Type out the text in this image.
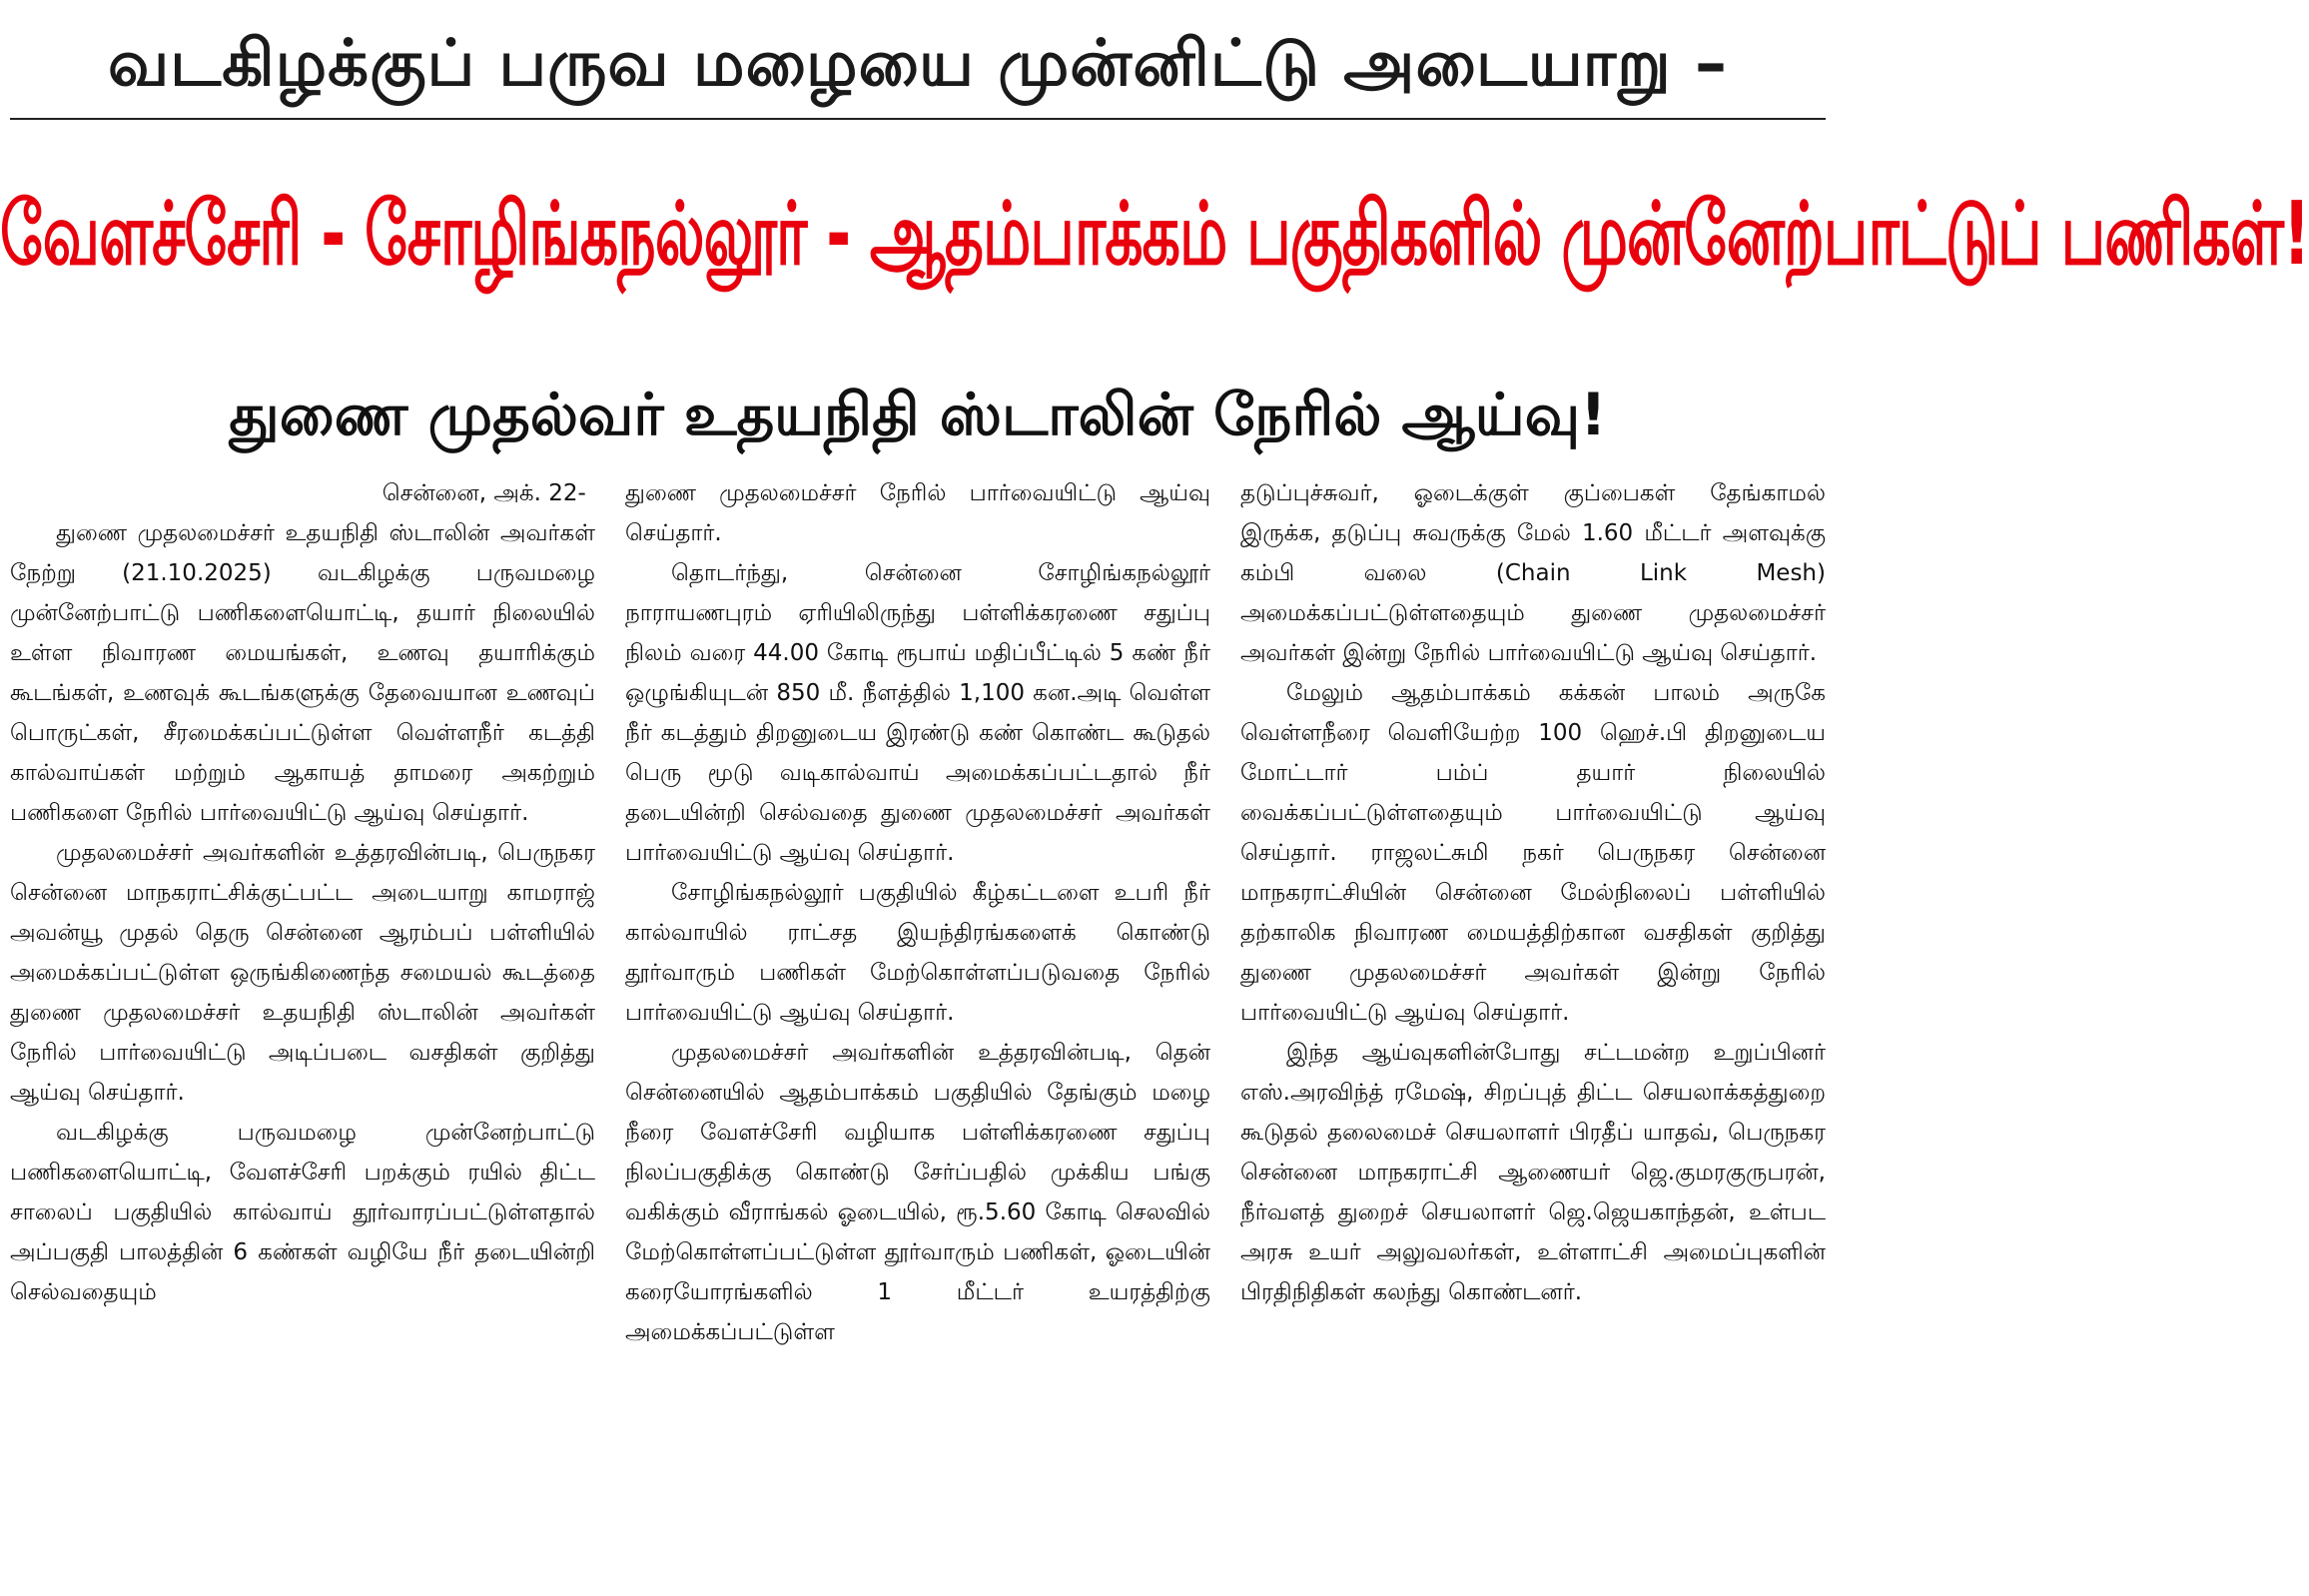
வடகிழக்குப் பருவ மழையை முன்னிட்டு அடையாறு –
வேளச்சேரி - சோழிங்கநல்லூர் - ஆதம்பாக்கம் பகுதிகளில் முன்னேற்பாட்டுப் பணிகள்!
துணை முதல்வர் உதயநிதி ஸ்டாலின் நேரில் ஆய்வு!

சென்னை, அக். 22-

துணை முதலமைச்சர் உதயநிதி ஸ்டாலின் அவர்கள் நேற்று (21.10.2025) வடகிழக்கு பருவமழை முன்னேற்பாட்டு பணிகளையொட்டி, தயார் நிலையில் உள்ள நிவாரண மையங்கள், உணவு தயாரிக்கும் கூடங்கள், உணவுக் கூடங்களுக்கு தேவையான உணவுப் பொருட்கள், சீரமைக்கப்பட்டுள்ள வெள்ளநீர் கடத்தி கால்வாய்கள் மற்றும் ஆகாயத் தாமரை அகற்றும் பணிகளை நேரில் பார்வையிட்டு ஆய்வு செய்தார்.

முதலமைச்சர் அவர்களின் உத்தரவின்படி, பெருநகர சென்னை மாநகராட்சிக்குட்பட்ட அடையாறு காமராஜ் அவன்யூ முதல் தெரு சென்னை ஆரம்பப் பள்ளியில் அமைக்கப்பட்டுள்ள ஒருங்கிணைந்த சமையல் கூடத்தை துணை முதலமைச்சர் உதயநிதி ஸ்டாலின் அவர்கள் நேரில் பார்வையிட்டு அடிப்படை வசதிகள் குறித்து ஆய்வு செய்தார்.

வடகிழக்கு பருவமழை முன்னேற்பாட்டு பணிகளையொட்டி, வேளச்சேரி பறக்கும் ரயில் திட்ட சாலைப் பகுதியில் கால்வாய் தூர்வாரப்பட்டுள்ளதால் அப்பகுதி பாலத்தின் 6 கண்கள் வழியே நீர் தடையின்றி செல்வதையும்

துணை முதலமைச்சர் நேரில் பார்வையிட்டு ஆய்வு செய்தார்.

தொடர்ந்து, சென்னை சோழிங்கநல்லூர் நாராயணபுரம் ஏரியிலிருந்து பள்ளிக்கரணை சதுப்பு நிலம் வரை 44.00 கோடி ரூபாய் மதிப்பீட்டில் 5 கண் நீர் ஒழுங்கியுடன் 850 மீ. நீளத்தில் 1,100 கன.அடி வெள்ள நீர் கடத்தும் திறனுடைய இரண்டு கண் கொண்ட கூடுதல் பெரு மூடு வடிகால்வாய் அமைக்கப்பட்டதால் நீர் தடையின்றி செல்வதை துணை முதலமைச்சர் அவர்கள் பார்வையிட்டு ஆய்வு செய்தார்.

சோழிங்கநல்லூர் பகுதியில் கீழ்கட்டளை உபரி நீர் கால்வாயில் ராட்சத இயந்திரங்களைக் கொண்டு தூர்வாரும் பணிகள் மேற்கொள்ளப்படுவதை நேரில் பார்வையிட்டு ஆய்வு செய்தார்.

முதலமைச்சர் அவர்களின் உத்தரவின்படி, தென் சென்னையில் ஆதம்பாக்கம் பகுதியில் தேங்கும் மழை நீரை வேளச்சேரி வழியாக பள்ளிக்கரணை சதுப்பு நிலப்பகுதிக்கு கொண்டு சேர்ப்பதில் முக்கிய பங்கு வகிக்கும் வீராங்கல் ஓடையில், ரூ.5.60 கோடி செலவில் மேற்கொள்ளப்பட்டுள்ள தூர்வாரும் பணிகள், ஓடையின் கரையோரங்களில் 1 மீட்டர் உயரத்திற்கு அமைக்கப்பட்டுள்ள

தடுப்புச்சுவர், ஓடைக்குள் குப்பைகள் தேங்காமல் இருக்க, தடுப்பு சுவருக்கு மேல் 1.60 மீட்டர் அளவுக்கு கம்பி வலை (Chain Link Mesh) அமைக்கப்பட்டுள்ளதையும் துணை முதலமைச்சர் அவர்கள் இன்று நேரில் பார்வையிட்டு ஆய்வு செய்தார்.

மேலும் ஆதம்பாக்கம் கக்கன் பாலம் அருகே வெள்ளநீரை வெளியேற்ற 100 ஹெச்.பி திறனுடைய மோட்டார் பம்ப் தயார் நிலையில் வைக்கப்பட்டுள்ளதையும் பார்வையிட்டு ஆய்வு செய்தார். ராஜலட்சுமி நகர் பெருநகர சென்னை மாநகராட்சியின் சென்னை மேல்நிலைப் பள்ளியில் தற்காலிக நிவாரண மையத்திற்கான வசதிகள் குறித்து துணை முதலமைச்சர் அவர்கள் இன்று நேரில் பார்வையிட்டு ஆய்வு செய்தார்.

இந்த ஆய்வுகளின்போது சட்டமன்ற உறுப்பினர் எஸ்.அரவிந்த் ரமேஷ், சிறப்புத் திட்ட செயலாக்கத்துறை கூடுதல் தலைமைச் செயலாளர் பிரதீப் யாதவ், பெருநகர சென்னை மாநகராட்சி ஆணையர் ஜெ.குமரகுருபரன், நீர்வளத் துறைச் செயலாளர் ஜெ.ஜெயகாந்தன், உள்பட அரசு உயர் அலுவலர்கள், உள்ளாட்சி அமைப்புகளின் பிரதிநிதிகள் கலந்து கொண்டனர்.
